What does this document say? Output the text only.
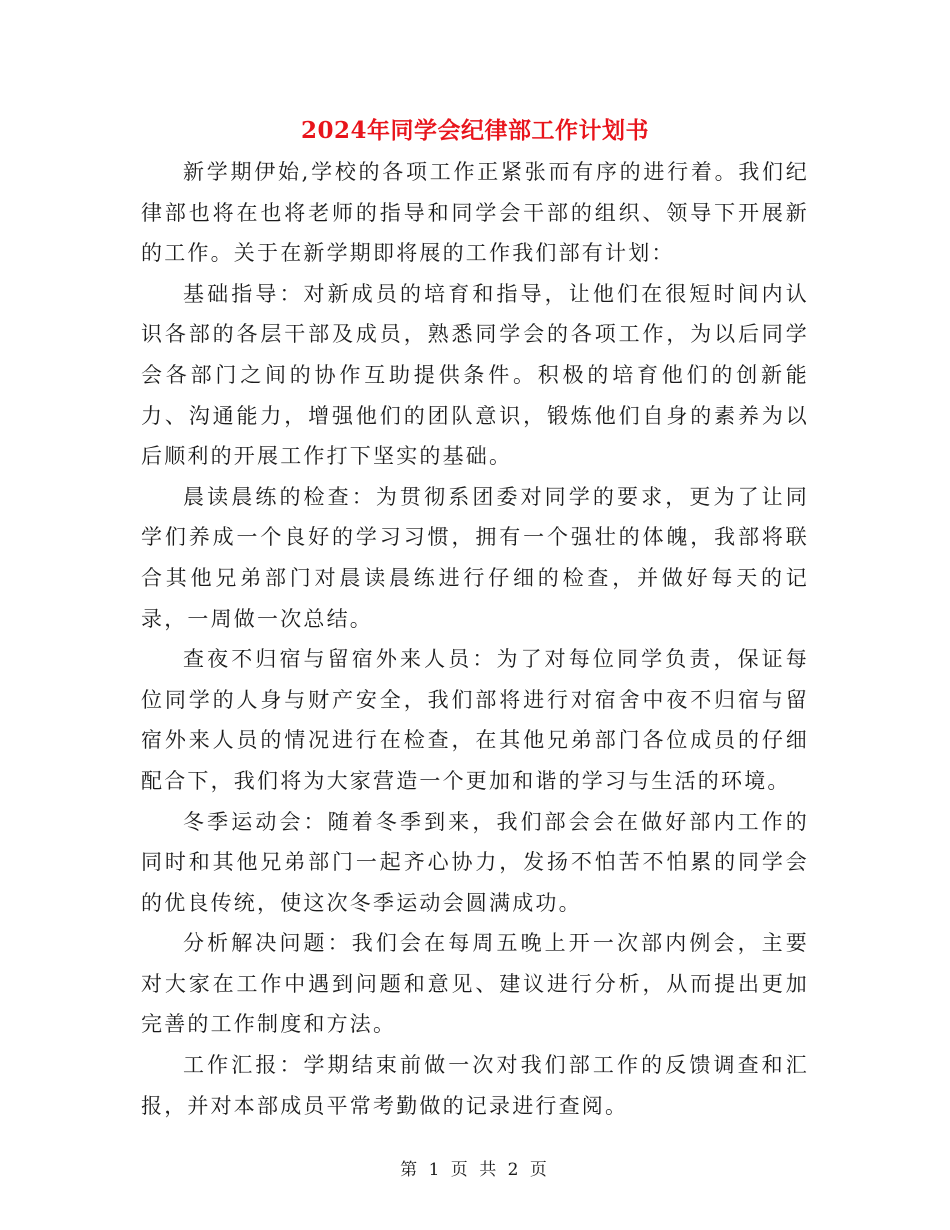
2024年同学会纪律部工作计划书

新学期伊始,学校的各项工作正紧张而有序的进行着。我们纪律部也将在也将老师的指导和同学会干部的组织、领导下开展新的工作。关于在新学期即将展的工作我们部有计划：

基础指导：对新成员的培育和指导，让他们在很短时间内认识各部的各层干部及成员，熟悉同学会的各项工作，为以后同学会各部门之间的协作互助提供条件。积极的培育他们的创新能力、沟通能力，增强他们的团队意识，锻炼他们自身的素养为以后顺利的开展工作打下坚实的基础。

晨读晨练的检查：为贯彻系团委对同学的要求，更为了让同学们养成一个良好的学习习惯，拥有一个强壮的体魄，我部将联合其他兄弟部门对晨读晨练进行仔细的检查，并做好每天的记录，一周做一次总结。

查夜不归宿与留宿外来人员：为了对每位同学负责，保证每位同学的人身与财产安全，我们部将进行对宿舍中夜不归宿与留宿外来人员的情况进行在检查，在其他兄弟部门各位成员的仔细配合下，我们将为大家营造一个更加和谐的学习与生活的环境。

冬季运动会：随着冬季到来，我们部会会在做好部内工作的同时和其他兄弟部门一起齐心协力，发扬不怕苦不怕累的同学会的优良传统，使这次冬季运动会圆满成功。

分析解决问题：我们会在每周五晚上开一次部内例会，主要对大家在工作中遇到问题和意见、建议进行分析，从而提出更加完善的工作制度和方法。

工作汇报：学期结束前做一次对我们部工作的反馈调查和汇报，并对本部成员平常考勤做的记录进行查阅。

第 1 页 共 2 页
